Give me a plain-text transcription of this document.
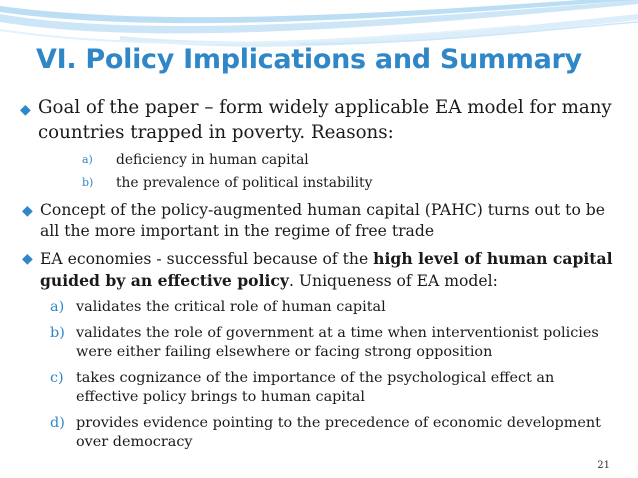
VI. Policy Implications and Summary
◆ Goal of the paper – form widely applicable EA model for many countries trapped in poverty. Reasons:
a) deficiency in human capital
b) the prevalence of political instability
◆ Concept of the policy-augmented human capital (PAHC) turns out to be all the more important in the regime of free trade
◆ EA economies - successful because of the high level of human capital guided by an effective policy. Uniqueness of EA model:
a) validates the critical role of human capital
b) validates the role of government at a time when interventionist policies were either failing elsewhere or facing strong opposition
c) takes cognizance of the importance of the psychological effect an effective policy brings to human capital
d) provides evidence pointing to the precedence of economic development over democracy
21
